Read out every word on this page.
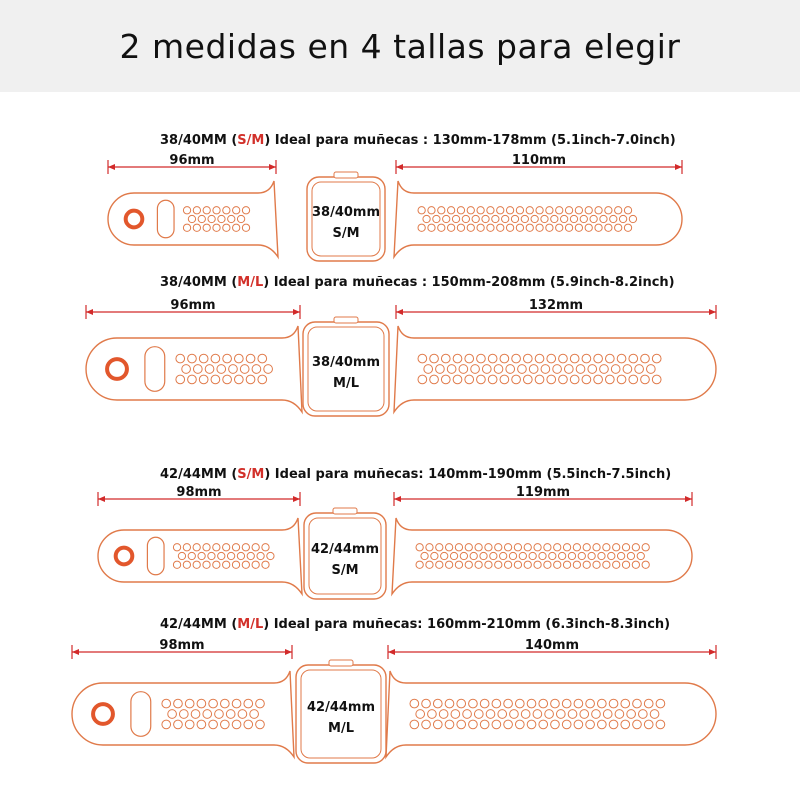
2 medidas en 4 tallas para elegir
38/40MM (S/M) Ideal para muñecas : 130mm-178mm (5.1inch-7.0inch)
96mm	110mm
38/40mm
S/M
38/40MM (M/L) Ideal para muñecas : 150mm-208mm (5.9inch-8.2inch)
96mm	132mm
38/40mm
M/L
42/44MM (S/M) Ideal para muñecas: 140mm-190mm (5.5inch-7.5inch)
98mm	119mm
42/44mm
S/M
42/44MM (M/L) Ideal para muñecas: 160mm-210mm (6.3inch-8.3inch)
98mm	140mm
42/44mm
M/L
